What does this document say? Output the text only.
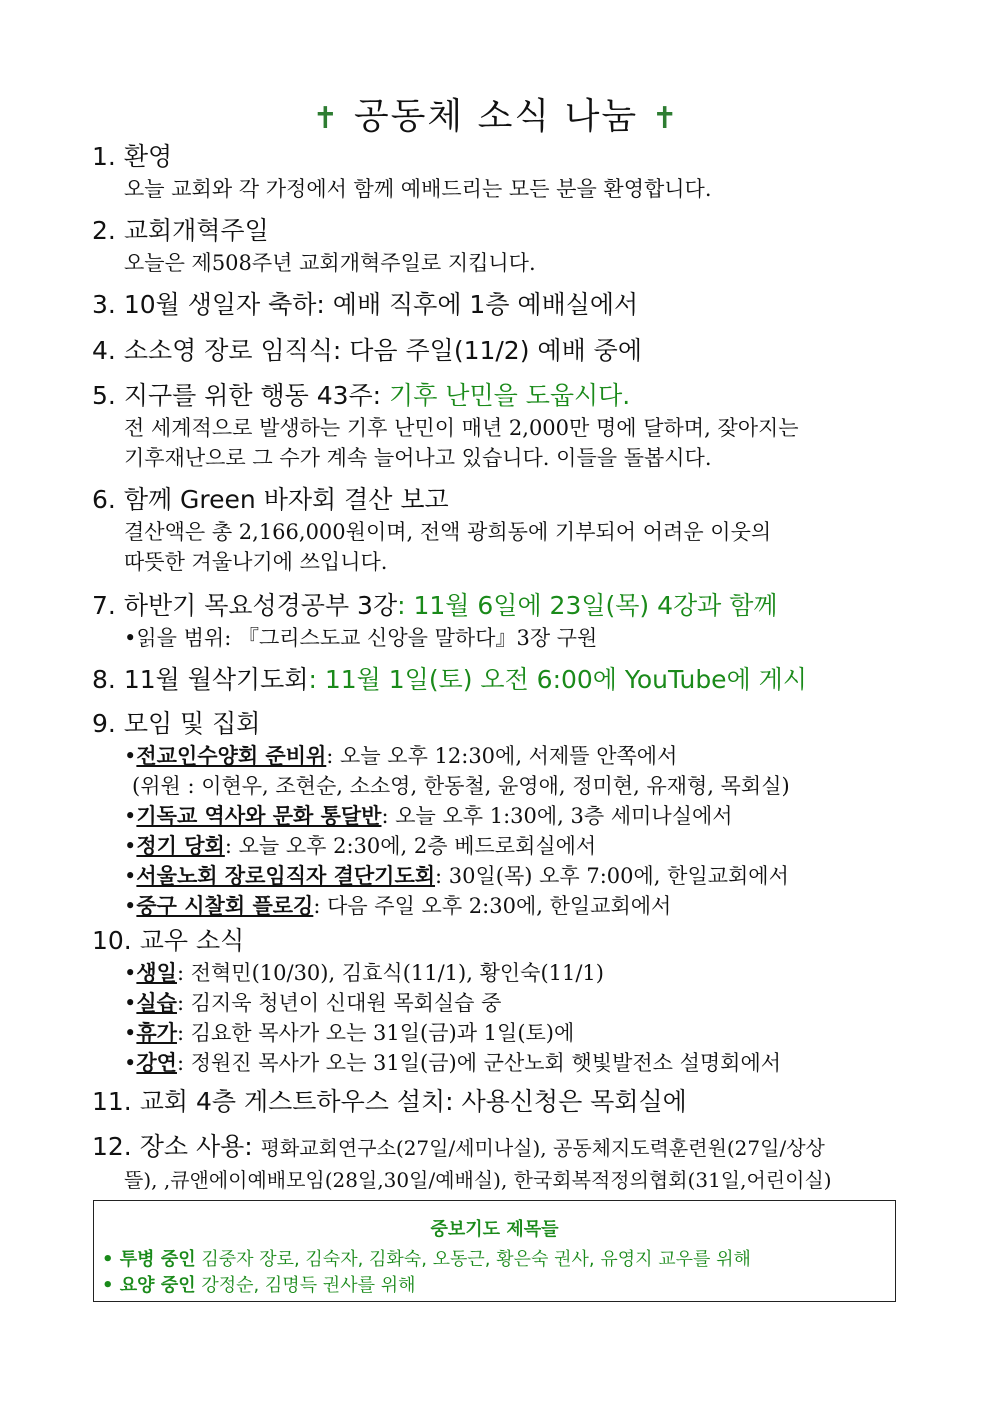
✝ 공동체 소식 나눔 ✝
1. 환영
오늘 교회와 각 가정에서 함께 예배드리는 모든 분을 환영합니다.
2. 교회개혁주일
오늘은 제508주년 교회개혁주일로 지킵니다.
3. 10월 생일자 축하: 예배 직후에 1층 예배실에서
4. 소소영 장로 임직식: 다음 주일(11/2) 예배 중에
5. 지구를 위한 행동 43주: 기후 난민을 도웁시다.
전 세계적으로 발생하는 기후 난민이 매년 2,000만 명에 달하며, 잦아지는
기후재난으로 그 수가 계속 늘어나고 있습니다. 이들을 돌봅시다.
6. 함께 Green 바자회 결산 보고
결산액은 총 2,166,000원이며, 전액 광희동에 기부되어 어려운 이웃의
따뜻한 겨울나기에 쓰입니다.
7. 하반기 목요성경공부 3강: 11월 6일에 23일(목) 4강과 함께
•읽을 범위: 『그리스도교 신앙을 말하다』3장 구원
8. 11월 월삭기도회: 11월 1일(토) 오전 6:00에 YouTube에 게시
9. 모임 및 집회
•전교인수양회 준비위: 오늘 오후 12:30에, 서제뜰 안쪽에서
(위원 : 이현우, 조현순, 소소영, 한동철, 윤영애, 정미현, 유재형, 목회실)
•기독교 역사와 문화 통달반: 오늘 오후 1:30에, 3층 세미나실에서
•정기 당회: 오늘 오후 2:30에, 2층 베드로회실에서
•서울노회 장로임직자 결단기도회: 30일(목) 오후 7:00에, 한일교회에서
•중구 시찰회 플로깅: 다음 주일 오후 2:30에, 한일교회에서
10. 교우 소식
•생일: 전혁민(10/30), 김효식(11/1), 황인숙(11/1)
•실습: 김지욱 청년이 신대원 목회실습 중
•휴가: 김요한 목사가 오는 31일(금)과 1일(토)에
•강연: 정원진 목사가 오는 31일(금)에 군산노회 햇빛발전소 설명회에서
11. 교회 4층 게스트하우스 설치: 사용신청은 목회실에
12. 장소 사용: 평화교회연구소(27일/세미나실), 공동체지도력훈련원(27일/상상
뜰), ,큐앤에이예배모임(28일,30일/예배실), 한국회복적정의협회(31일,어린이실)
중보기도 제목들
• 투병 중인 김중자 장로, 김숙자, 김화숙, 오동근, 황은숙 권사, 유영지 교우를 위해
• 요양 중인 강정순, 김명득 권사를 위해
